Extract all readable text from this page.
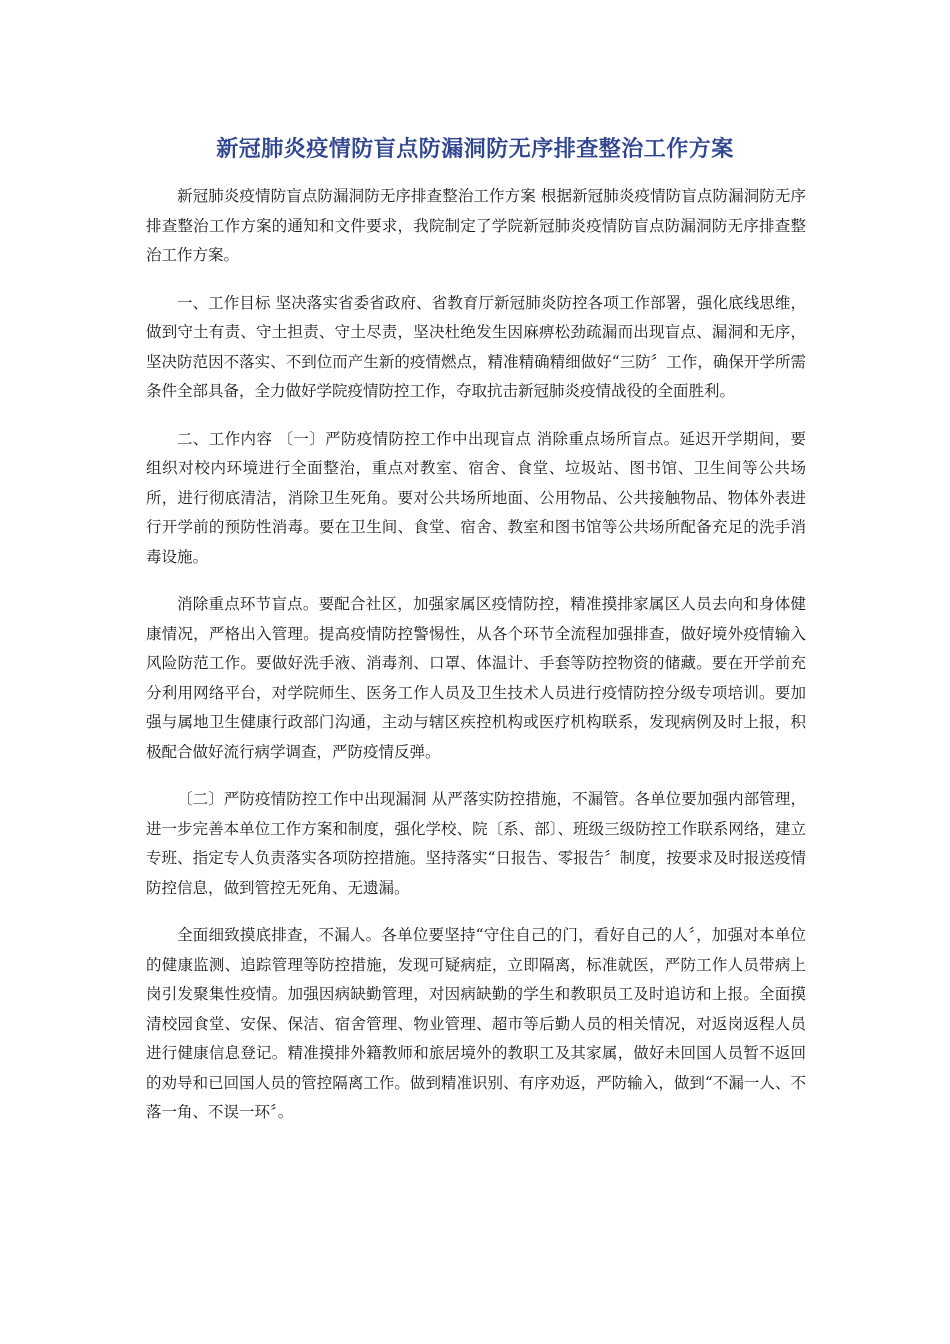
新冠肺炎疫情防盲点防漏洞防无序排查整治工作方案

新冠肺炎疫情防盲点防漏洞防无序排查整治工作方案 根据新冠肺炎疫情防盲点防漏洞防无序排查整治工作方案的通知和文件要求，我院制定了学院新冠肺炎疫情防盲点防漏洞防无序排查整治工作方案。

一、工作目标 坚决落实省委省政府、省教育厅新冠肺炎防控各项工作部署，强化底线思维，做到守土有责、守土担责、守土尽责，坚决杜绝发生因麻痹松劲疏漏而出现盲点、漏洞和无序，坚决防范因不落实、不到位而产生新的疫情燃点，精准精确精细做好“三防〞工作，确保开学所需条件全部具备，全力做好学院疫情防控工作，夺取抗击新冠肺炎疫情战役的全面胜利。

二、工作内容 〔一〕严防疫情防控工作中出现盲点 消除重点场所盲点。延迟开学期间，要组织对校内环境进行全面整治，重点对教室、宿舍、食堂、垃圾站、图书馆、卫生间等公共场所，进行彻底清洁，消除卫生死角。要对公共场所地面、公用物品、公共接触物品、物体外表进行开学前的预防性消毒。要在卫生间、食堂、宿舍、教室和图书馆等公共场所配备充足的洗手消毒设施。

消除重点环节盲点。要配合社区，加强家属区疫情防控，精准摸排家属区人员去向和身体健康情况，严格出入管理。提高疫情防控警惕性，从各个环节全流程加强排查，做好境外疫情输入风险防范工作。要做好洗手液、消毒剂、口罩、体温计、手套等防控物资的储藏。要在开学前充分利用网络平台，对学院师生、医务工作人员及卫生技术人员进行疫情防控分级专项培训。要加强与属地卫生健康行政部门沟通，主动与辖区疾控机构或医疗机构联系，发现病例及时上报，积极配合做好流行病学调查，严防疫情反弹。

〔二〕严防疫情防控工作中出现漏洞 从严落实防控措施，不漏管。各单位要加强内部管理，进一步完善本单位工作方案和制度，强化学校、院〔系、部〕、班级三级防控工作联系网络，建立专班、指定专人负责落实各项防控措施。坚持落实“日报告、零报告〞制度，按要求及时报送疫情防控信息，做到管控无死角、无遗漏。

全面细致摸底排查，不漏人。各单位要坚持“守住自己的门，看好自己的人〞，加强对本单位的健康监测、追踪管理等防控措施，发现可疑病症，立即隔离，标准就医，严防工作人员带病上岗引发聚集性疫情。加强因病缺勤管理，对因病缺勤的学生和教职员工及时追访和上报。全面摸清校园食堂、安保、保洁、宿舍管理、物业管理、超市等后勤人员的相关情况，对返岗返程人员进行健康信息登记。精准摸排外籍教师和旅居境外的教职工及其家属，做好未回国人员暂不返回的劝导和已回国人员的管控隔离工作。做到精准识别、有序劝返，严防输入，做到“不漏一人、不落一角、不误一环〞。
